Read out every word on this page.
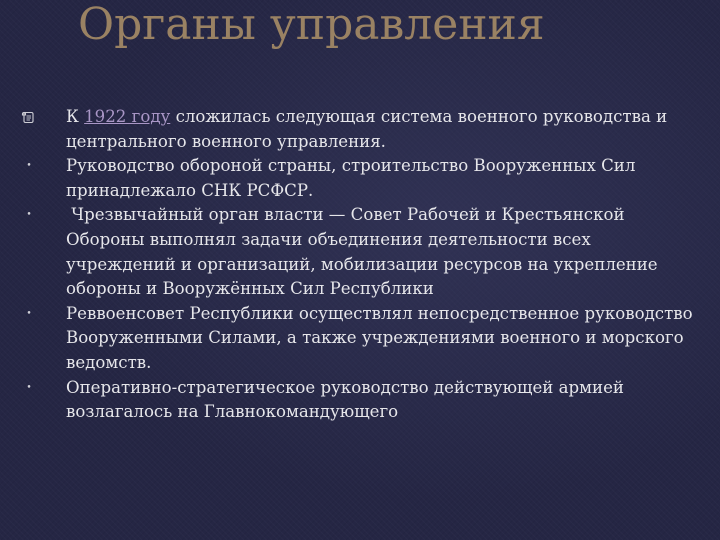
Органы управления
К 1922 году сложилась следующая система военного руководства и центрального военного управления.
• Руководство обороной страны, строительство Вооруженных Сил принадлежало СНК РСФСР.
• Чрезвычайный орган власти — Совет Рабочей и Крестьянской Обороны выполнял задачи объединения деятельности всех учреждений и организаций, мобилизации ресурсов на укрепление обороны и Вооружённых Сил Республики
• Реввоенсовет Республики осуществлял непосредственное руководство Вооруженными Силами, а также учреждениями военного и морского ведомств.
• Оперативно-стратегическое руководство действующей армией возлагалось на Главнокомандующего
